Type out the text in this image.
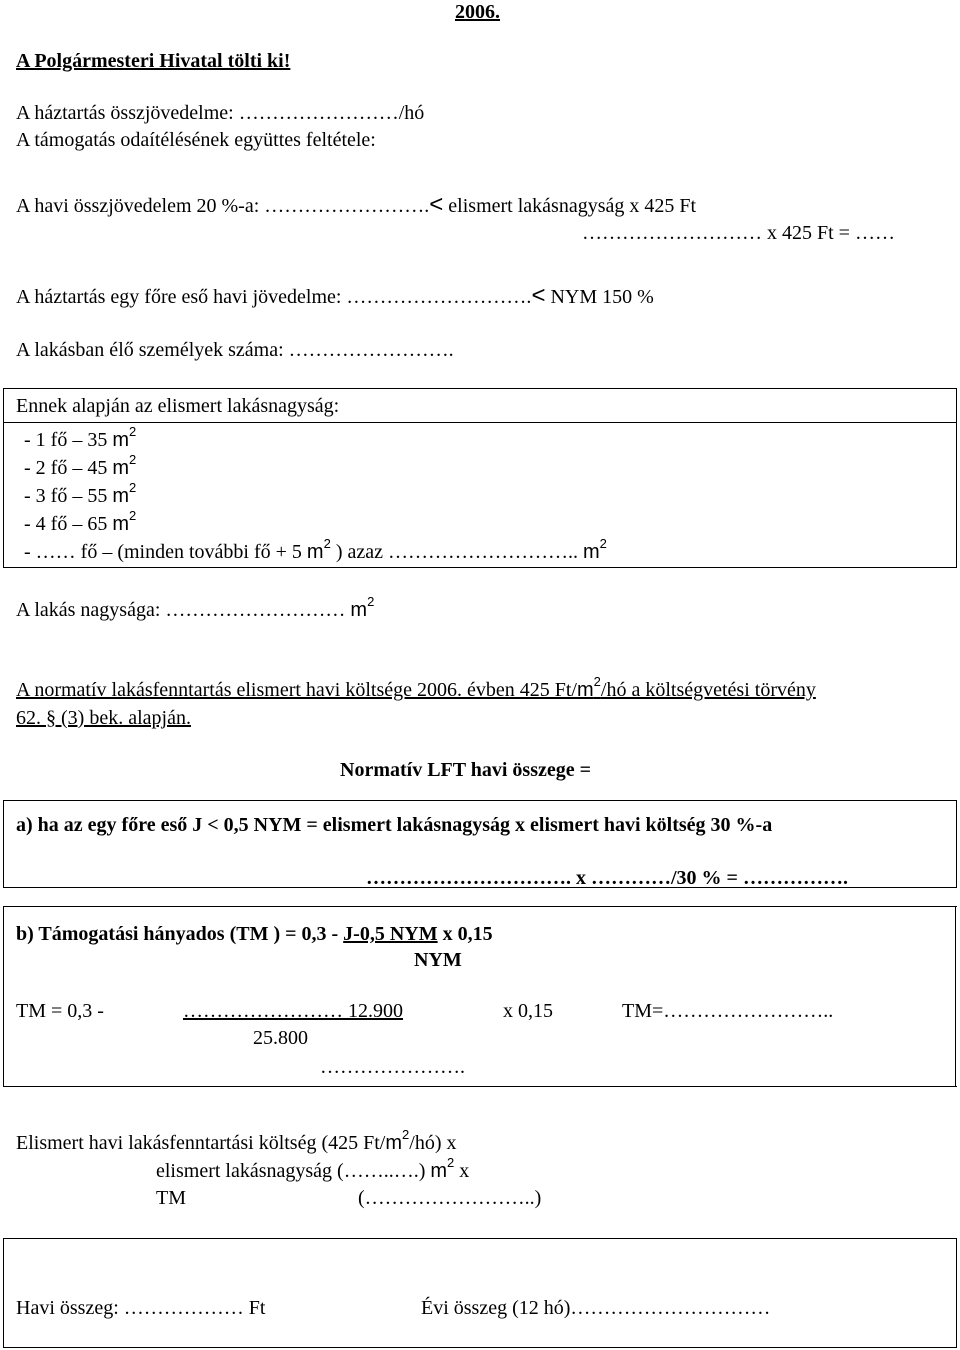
2006.
A Polgármesteri Hivatal tölti ki!
A háztartás összjövedelme: ……………………/hó
A támogatás odaítélésének együttes feltétele:
A havi összjövedelem 20 %-a: …………………….< elismert lakásnagyság x 425 Ft
……………………… x 425 Ft = ……
A háztartás egy főre eső havi jövedelme: ……………………….< NYM 150 %
A lakásban élő személyek száma: …………………….
Ennek alapján az elismert lakásnagyság:
- 1 fő – 35 $m^2$
- 2 fő – 45 $m^2$
- 3 fő – 55 $m^2$
- 4 fő – 65 $m^2$
- …… fő – (minden további fő + 5 $m^2$ ) azaz ……………………….. $m^2$
A lakás nagysága: ……………………… $m^2$
A normatív lakásfenntartás elismert havi költsége 2006. évben 425 $Ft/m^2/hó$ a költségvetési törvény
62. § (3) bek. alapján.
Normatív LFT havi összege =
a) ha az egy főre eső J < 0,5 NYM = elismert lakásnagyság x elismert havi költség 30 %-a
…………………………. x …………/30 % = …………….
b) Támogatási hányados (TM ) = 0,3 - J-0,5 NYM x 0,15
NYM
TM = 0,3 -	…………………… 12.900	x 0,15	TM=……………………..
25.800
………………….
Elismert havi lakásfenntartási költség (425 $Ft/m^2/hó$) x
elismert lakásnagyság (……..….) $m^2$ x
TM	(……………………..)
Havi összeg: ……………… Ft	Évi összeg (12 hó)…………………………
